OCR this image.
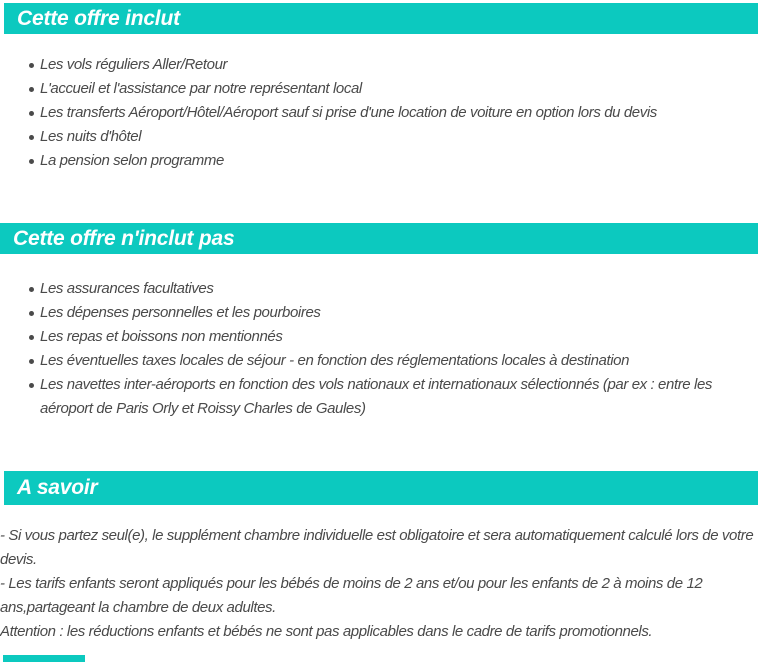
Cette offre inclut
Les vols réguliers Aller/Retour
L'accueil et l'assistance par notre représentant local
Les transferts Aéroport/Hôtel/Aéroport sauf si prise d'une location de voiture en option lors du devis
Les nuits d'hôtel
La pension selon programme
Cette offre n'inclut pas
Les assurances facultatives
Les dépenses personnelles et les pourboires
Les repas et boissons non mentionnés
Les éventuelles taxes locales de séjour - en fonction des réglementations locales à destination
Les navettes inter-aéroports en fonction des vols nationaux et internationaux sélectionnés (par ex : entre les aéroport de Paris Orly et Roissy Charles de Gaules)
A savoir

- Si vous partez seul(e), le supplément chambre individuelle est obligatoire et sera automatiquement calculé lors de votre devis.

- Les tarifs enfants seront appliqués pour les bébés de moins de 2 ans et/ou pour les enfants de 2 à moins de 12 ans,partageant la chambre de deux adultes.

Attention : les réductions enfants et bébés ne sont pas applicables dans le cadre de tarifs promotionnels.
